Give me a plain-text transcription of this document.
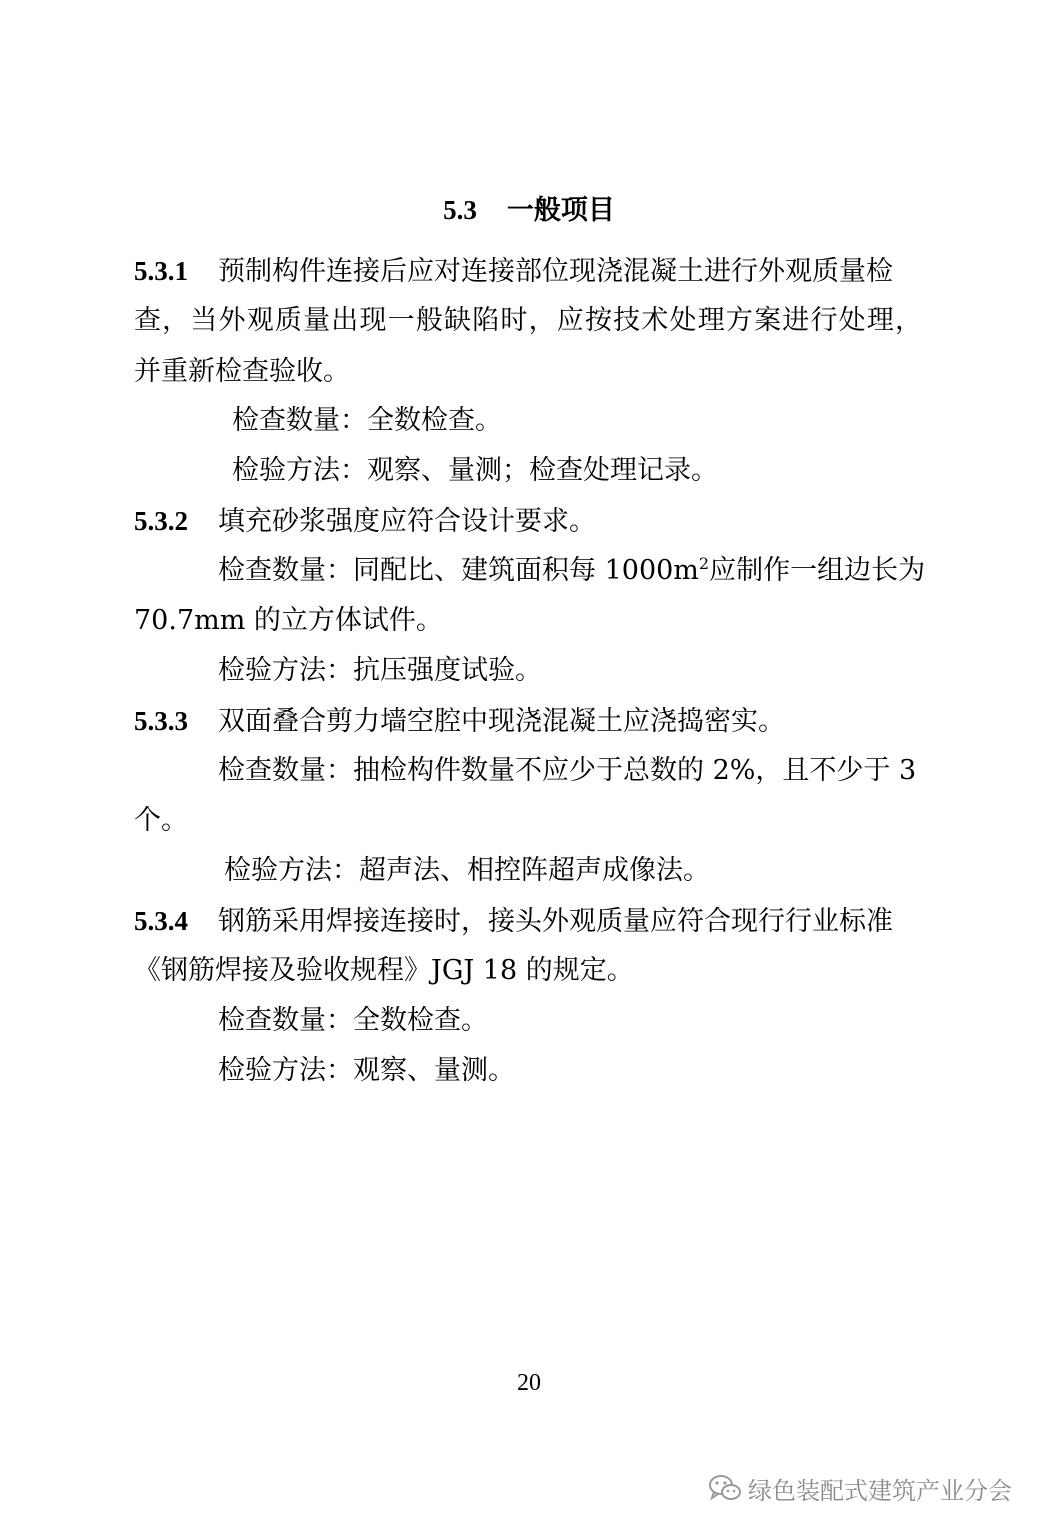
5.3 一般项目
5.3.1 预制构件连接后应对连接部位现浇混凝土进行外观质量检
查，当外观质量出现一般缺陷时，应按技术处理方案进行处理，
并重新检查验收。
检查数量：全数检查。
检验方法：观察、量测；检查处理记录。
5.3.2 填充砂浆强度应符合设计要求。
检查数量：同配比、建筑面积每 $1000m^2$应制作一组边长为
70.7mm 的立方体试件。
检验方法：抗压强度试验。
5.3.3 双面叠合剪力墙空腔中现浇混凝土应浇捣密实。
检查数量：抽检构件数量不应少于总数的 2%，且不少于 3
个。
检验方法：超声法、相控阵超声成像法。
5.3.4 钢筋采用焊接连接时，接头外观质量应符合现行行业标准
《钢筋焊接及验收规程》JGJ 18 的规定。
检查数量：全数检查。
检验方法：观察、量测。
20
绿色装配式建筑产业分会
